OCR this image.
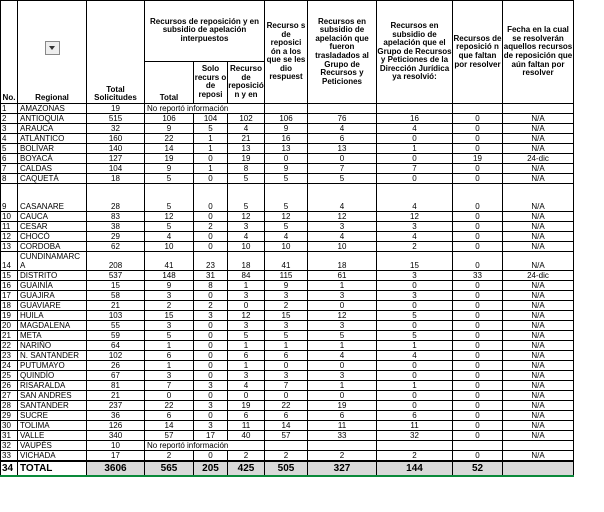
No.	Regional	Total Solicitudes	Recursos de reposición y en subsidio de apelación interpuestos			Recurso s de reposici ón a los que se les dio respuest	Recursos en subsidio de apelación que fueron trasladados al Grupo de Recursos y Peticiones	Recursos en subsidio de apelación que el Grupo de Recursos y Peticiones de la Dirección Jurídica ya resolvió:	Recursos de reposició n que faltan por resolver	Fecha en la cual se resolverán aquellos recursos de reposición que aún faltan por resolver
			Total	Solo recurs o de reposi	Recurso de reposició n y en					
1	AMAZONAS	19	No reportó información							
2	ANTIOQUIA	515	106	104	102	106	76	16	0	N/A
3	ARAUCA	32	9	5	4	9	4	4	0	N/A
4	ATLÁNTICO	160	22	1	21	16	6	0	0	N/A
5	BOLÍVAR	140	14	1	13	13	13	1	0	N/A
6	BOYACÁ	127	19	0	19	0	0	0	19	24-dic
7	CALDAS	104	9	1	8	9	7	7	0	N/A
8	CAQUETÁ	18	5	0	5	5	5	0	0	N/A
9	CASANARE	28	5	0	5	5	4	4	0	N/A
10	CAUCA	83	12	0	12	12	12	12	0	N/A
11	CESAR	38	5	2	3	5	3	3	0	N/A
12	CHOCÓ	29	4	0	4	4	4	4	0	N/A
13	CORDOBA	62	10	0	10	10	10	2	0	N/A
14	CUNDINAMARC A	208	41	23	18	41	18	15	0	N/A
15	DISTRITO	537	148	31	84	115	61	3	33	24-dic
16	GUAINÍA	15	9	8	1	9	1	0	0	N/A
17	GUAJIRA	58	3	0	3	3	3	3	0	N/A
18	GUAVIARE	21	2	2	0	2	0	0	0	N/A
19	HUILA	103	15	3	12	15	12	5	0	N/A
20	MAGDALENA	55	3	0	3	3	3	0	0	N/A
21	META	59	5	0	5	5	5	5	0	N/A
22	NARIÑO	64	1	0	1	1	1	1	0	N/A
23	N. SANTANDER	102	6	0	6	6	4	4	0	N/A
24	PUTUMAYO	26	1	0	1	0	0	0	0	N/A
25	QUINDÍO	67	3	0	3	3	3	0	0	N/A
26	RISARALDA	81	7	3	4	7	1	1	0	N/A
27	SAN ANDRES	21	0	0	0	0	0	0	0	N/A
28	SANTANDER	237	22	3	19	22	19	0	0	N/A
29	SUCRE	36	6	0	6	6	6	6	0	N/A
30	TOLIMA	126	14	3	11	14	11	11	0	N/A
31	VALLE	340	57	17	40	57	33	32	0	N/A
32	VAUPÉS	10	No reportó información							
33	VICHADA	17	2	0	2	2	2	2	0	N/A
34	TOTAL	3606	565	205	425	505	327	144	52	
